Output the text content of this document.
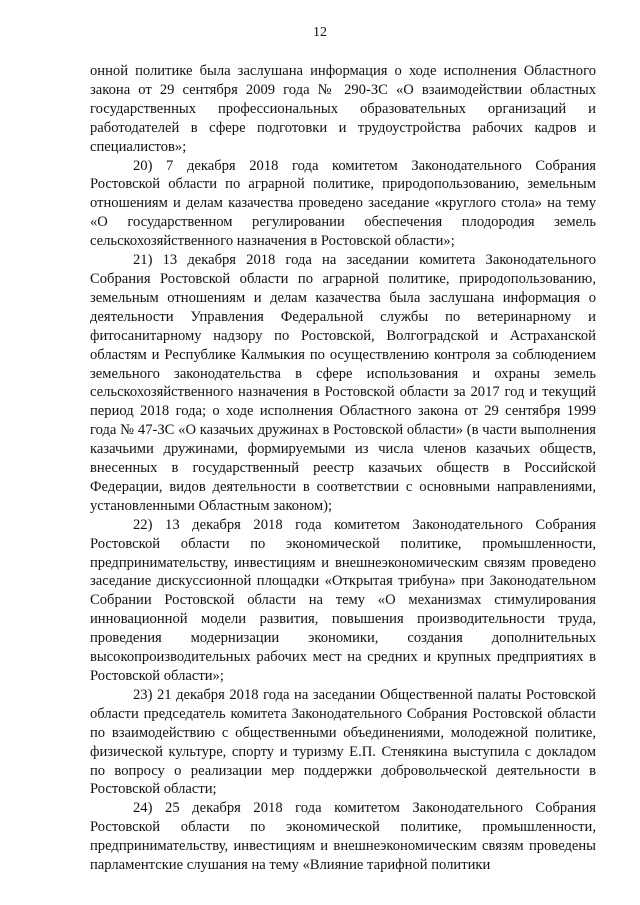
12

онной политике была заслушана информация о ходе исполнения Областного закона от 29 сентября 2009 года № 290-ЗС «О взаимодействии областных государственных профессиональных образовательных организаций и работодателей в сфере подготовки и трудоустройства рабочих кадров и специалистов»;

20) 7 декабря 2018 года комитетом Законодательного Собрания Ростовской области по аграрной политике, природопользованию, земельным отношениям и делам казачества проведено заседание «круглого стола» на тему «О государственном регулировании обеспечения плодородия земель сельскохозяйственного назначения в Ростовской области»;

21) 13 декабря 2018 года на заседании комитета Законодательного Собрания Ростовской области по аграрной политике, природопользованию, земельным отношениям и делам казачества была заслушана информация о деятельности Управления Федеральной службы по ветеринарному и фитосанитарному надзору по Ростовской, Волгоградской и Астраханской областям и Республике Калмыкия по осуществлению контроля за соблюдением земельного законодательства в сфере использования и охраны земель сельскохозяйственного назначения в Ростовской области за 2017 год и текущий период 2018 года; о ходе исполнения Областного закона от 29 сентября 1999 года № 47-ЗС «О казачьих дружинах в Ростовской области» (в части выполнения казачьими дружинами, формируемыми из числа членов казачьих обществ, внесенных в государственный реестр казачьих обществ в Российской Федерации, видов деятельности в соответствии с основными направлениями, установленными Областным законом);

22) 13 декабря 2018 года комитетом Законодательного Собрания Ростовской области по экономической политике, промышленности, предпринимательству, инвестициям и внешнеэкономическим связям проведено заседание дискуссионной площадки «Открытая трибуна» при Законодательном Собрании Ростовской области на тему «О механизмах стимулирования инновационной модели развития, повышения производительности труда, проведения модернизации экономики, создания дополнительных высокопроизводительных рабочих мест на средних и крупных предприятиях в Ростовской области»;

23) 21 декабря 2018 года на заседании Общественной палаты Ростовской области председатель комитета Законодательного Собрания Ростовской области по взаимодействию с общественными объединениями, молодежной политике, физической культуре, спорту и туризму Е.П. Стенякина выступила с докладом по вопросу о реализации мер поддержки добровольческой деятельности в Ростовской области;

24) 25 декабря 2018 года комитетом Законодательного Собрания Ростовской области по экономической политике, промышленности, предпринимательству, инвестициям и внешнеэкономическим связям проведены парламентские слушания на тему «Влияние тарифной политики
